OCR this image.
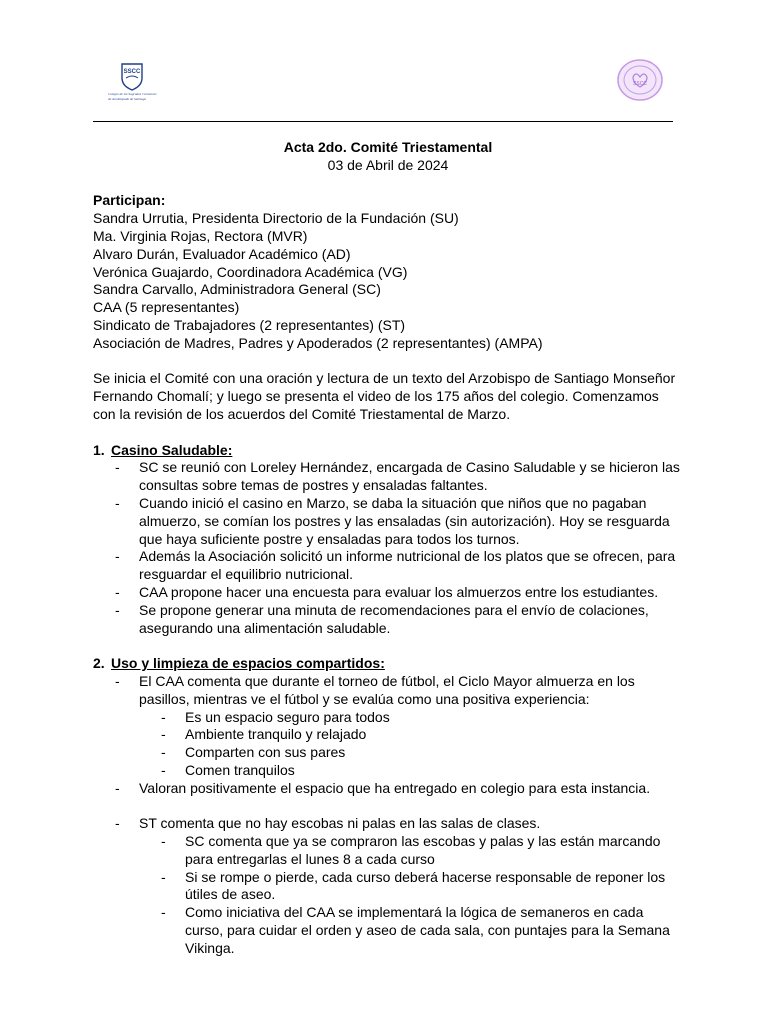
SSCC
Colegio de los Sagrados Corazones
de Arzobispado de Santiago
SSCC

Acta 2do. Comité Triestamental

03 de Abril de 2024

Participan:

Sandra Urrutia, Presidenta Directorio de la Fundación (SU)

Ma. Virginia Rojas, Rectora (MVR)

Alvaro Durán, Evaluador Académico (AD)

Verónica Guajardo, Coordinadora Académica (VG)

Sandra Carvallo, Administradora General (SC)

CAA (5 representantes)

Sindicato de Trabajadores (2 representantes) (ST)

Asociación de Madres, Padres y Apoderados (2 representantes) (AMPA)

Se inicia el Comité con una oración y lectura de un texto del Arzobispo de Santiago Monseñor Fernando Chomalí; y luego se presenta el video de los 175 años del colegio. Comenzamos con la revisión de los acuerdos del Comité Triestamental de Marzo.

1. Casino Saludable:
- SC se reunió con Loreley Hernández, encargada de Casino Saludable y se hicieron las consultas sobre temas de postres y ensaladas faltantes.
- Cuando inició el casino en Marzo, se daba la situación que niños que no pagaban almuerzo, se comían los postres y las ensaladas (sin autorización). Hoy se resguarda que haya suficiente postre y ensaladas para todos los turnos.
- Además la Asociación solicitó un informe nutricional de los platos que se ofrecen, para resguardar el equilibrio nutricional.
- CAA propone hacer una encuesta para evaluar los almuerzos entre los estudiantes.
- Se propone generar una minuta de recomendaciones para el envío de colaciones, asegurando una alimentación saludable.
2. Uso y limpieza de espacios compartidos:
- El CAA comenta que durante el torneo de fútbol, el Ciclo Mayor almuerza en los pasillos, mientras ve el fútbol y se evalúa como una positiva experiencia:
- Es un espacio seguro para todos
- Ambiente tranquilo y relajado
- Comparten con sus pares
- Comen tranquilos
- Valoran positivamente el espacio que ha entregado en colegio para esta instancia.
- ST comenta que no hay escobas ni palas en las salas de clases.
- SC comenta que ya se compraron las escobas y palas y las están marcando para entregarlas el lunes 8 a cada curso
- Si se rompe o pierde, cada curso deberá hacerse responsable de reponer los útiles de aseo.
- Como iniciativa del CAA se implementará la lógica de semaneros en cada curso, para cuidar el orden y aseo de cada sala, con puntajes para la Semana Vikinga.
